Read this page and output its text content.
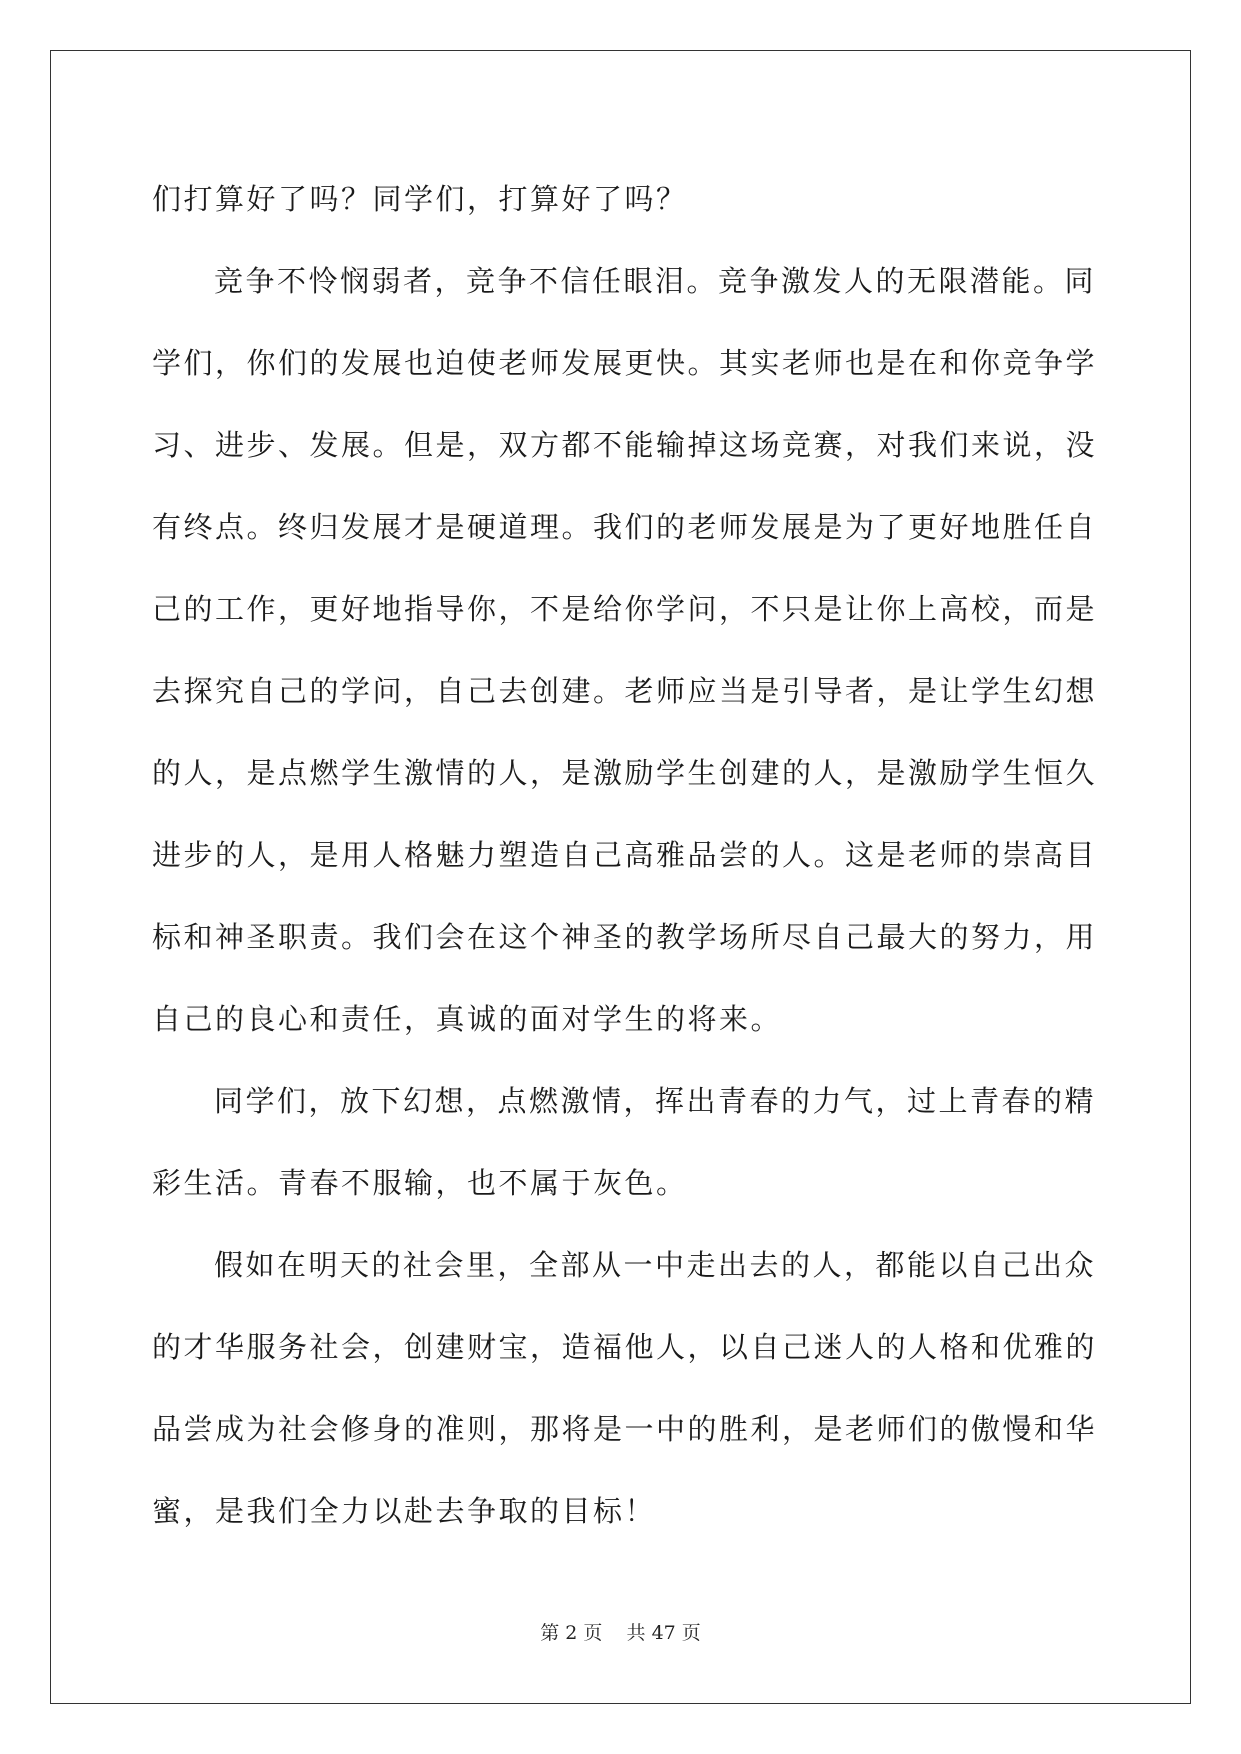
们打算好了吗？同学们，打算好了吗？

竞争不怜悯弱者，竞争不信任眼泪。竞争激发人的无限潜能。同
学们，你们的发展也迫使老师发展更快。其实老师也是在和你竞争学
习、进步、发展。但是，双方都不能输掉这场竞赛，对我们来说，没
有终点。终归发展才是硬道理。我们的老师发展是为了更好地胜任自
己的工作，更好地指导你，不是给你学问，不只是让你上高校，而是
去探究自己的学问，自己去创建。老师应当是引导者，是让学生幻想
的人，是点燃学生激情的人，是激励学生创建的人，是激励学生恒久
进步的人，是用人格魅力塑造自己高雅品尝的人。这是老师的崇高目
标和神圣职责。我们会在这个神圣的教学场所尽自己最大的努力，用
自己的良心和责任，真诚的面对学生的将来。

同学们，放下幻想，点燃激情，挥出青春的力气，过上青春的精
彩生活。青春不服输，也不属于灰色。

假如在明天的社会里，全部从一中走出去的人，都能以自己出众
的才华服务社会，创建财宝，造福他人，以自己迷人的人格和优雅的
品尝成为社会修身的准则，那将是一中的胜利，是老师们的傲慢和华
蜜，是我们全力以赴去争取的目标！

第 2 页 共 47 页
